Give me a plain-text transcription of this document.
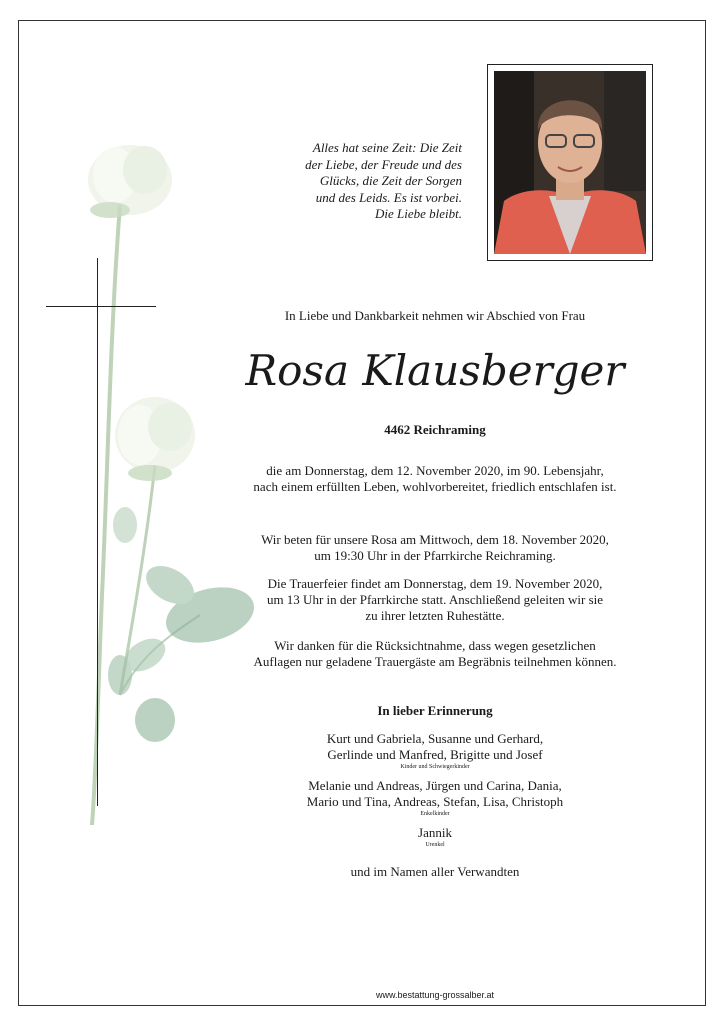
Alles hat seine Zeit: Die Zeit
der Liebe, der Freude und des
Glücks, die Zeit der Sorgen
und des Leids. Es ist vorbei.
Die Liebe bleibt.
In Liebe und Dankbarkeit nehmen wir Abschied von Frau
Rosa Klausberger
4462 Reichraming
die am Donnerstag, dem 12. November 2020, im 90. Lebensjahr,
nach einem erfüllten Leben, wohlvorbereitet, friedlich entschlafen ist.
Wir beten für unsere Rosa am Mittwoch, dem 18. November 2020,
um 19:30 Uhr in der Pfarrkirche Reichraming.
Die Trauerfeier findet am Donnerstag, dem 19. November 2020,
um 13 Uhr in der Pfarrkirche statt. Anschließend geleiten wir sie
zu ihrer letzten Ruhestätte.
Wir danken für die Rücksichtnahme, dass wegen gesetzlichen
Auflagen nur geladene Trauergäste am Begräbnis teilnehmen können.
In lieber Erinnerung
Kurt und Gabriela, Susanne und Gerhard,
Gerlinde und Manfred, Brigitte und Josef
Kinder und Schwiegerkinder
Melanie und Andreas, Jürgen und Carina, Dania,
Mario und Tina, Andreas, Stefan, Lisa, Christoph
Enkelkinder
Jannik
Urenkel
und im Namen aller Verwandten
www.bestattung-grossalber.at
